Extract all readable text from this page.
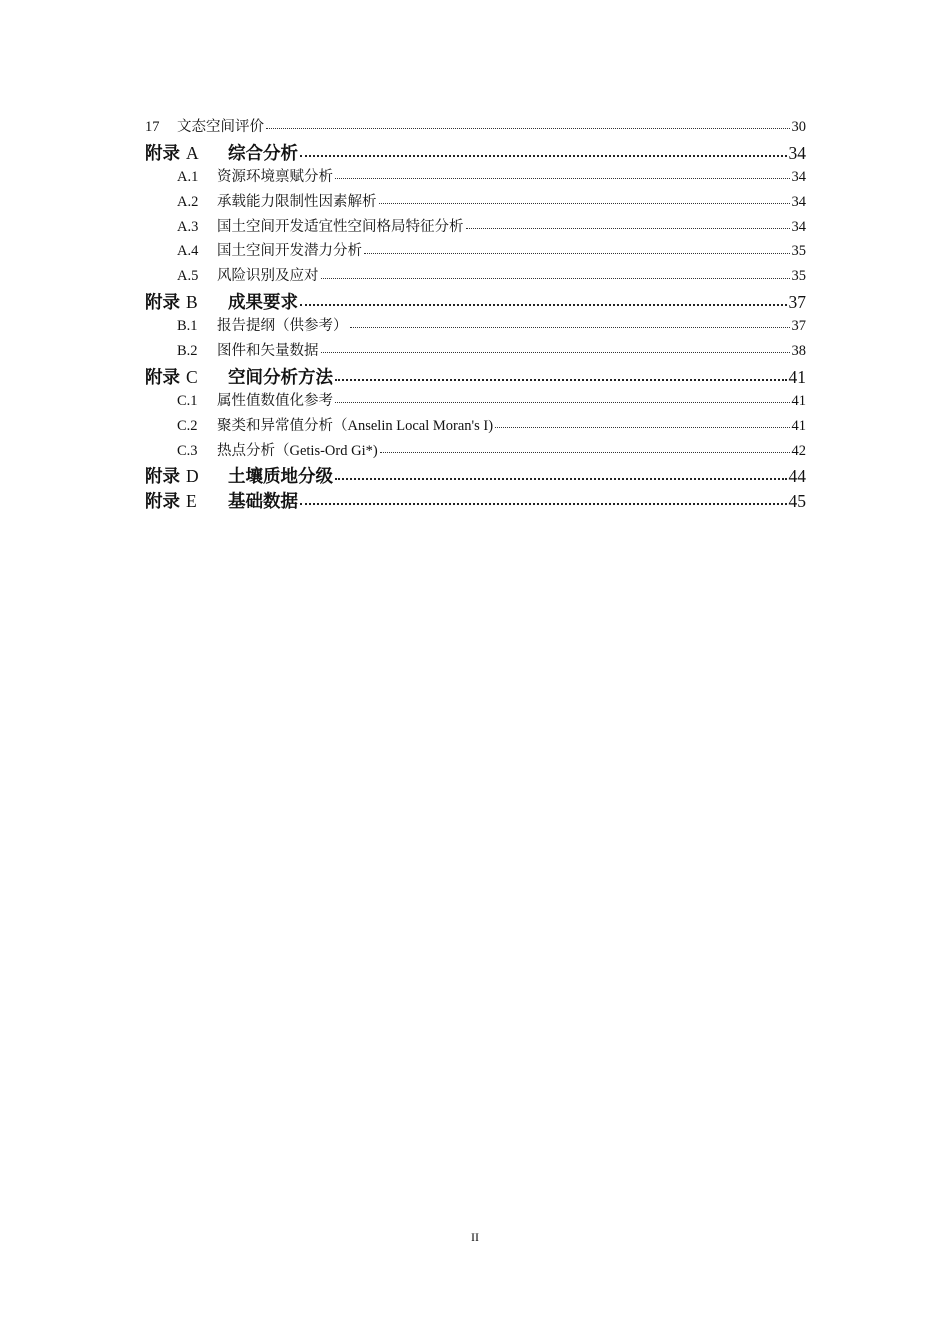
17	文态空间评价	30
附录 A	综合分析	34
A.1	资源环境禀赋分析	34
A.2	承载能力限制性因素解析	34
A.3	国土空间开发适宜性空间格局特征分析	34
A.4	国土空间开发潜力分析	35
A.5	风险识别及应对	35
附录 B	成果要求	37
B.1	报告提纲（供参考）	37
B.2	图件和矢量数据	38
附录 C	空间分析方法	41
C.1	属性值数值化参考	41
C.2	聚类和异常值分析（Anselin Local Moran's I)	41
C.3	热点分析（Getis-Ord Gi*)	42
附录 D	土壤质地分级	44
附录 E	基础数据	45
II
